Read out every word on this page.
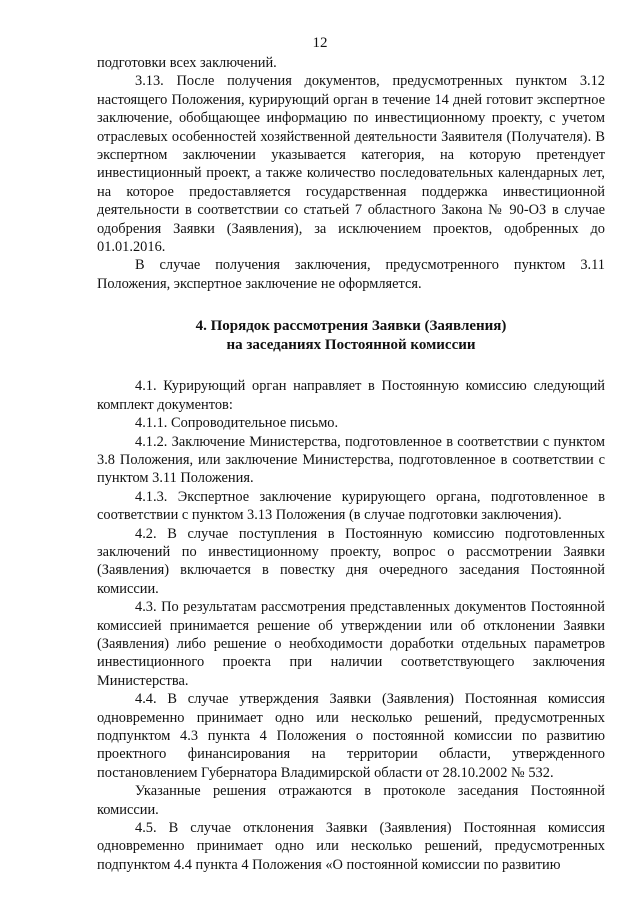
12

подготовки всех заключений.

3.13. После получения документов, предусмотренных пунктом 3.12 настоящего Положения, курирующий орган в течение 14 дней готовит экспертное заключение, обобщающее информацию по инвестиционному проекту, с учетом отраслевых особенностей хозяйственной деятельности Заявителя (Получателя). В экспертном заключении указывается категория, на которую претендует инвестиционный проект, а также количество последовательных календарных лет, на которое предоставляется государственная поддержка инвестиционной деятельности в соответствии со статьей 7 областного Закона № 90-ОЗ в случае одобрения Заявки (Заявления), за исключением проектов, одобренных до 01.01.2016.

В случае получения заключения, предусмотренного пунктом 3.11 Положения, экспертное заключение не оформляется.

4. Порядок рассмотрения Заявки (Заявления)

на заседаниях Постоянной комиссии

4.1. Курирующий орган направляет в Постоянную комиссию следующий комплект документов:

4.1.1. Сопроводительное письмо.

4.1.2. Заключение Министерства, подготовленное в соответствии с пунктом 3.8 Положения, или заключение Министерства, подготовленное в соответствии с пунктом 3.11 Положения.

4.1.3. Экспертное заключение курирующего органа, подготовленное в соответствии с пунктом 3.13 Положения (в случае подготовки заключения).

4.2. В случае поступления в Постоянную комиссию подготовленных заключений по инвестиционному проекту, вопрос о рассмотрении Заявки (Заявления) включается в повестку дня очередного заседания Постоянной комиссии.

4.3. По результатам рассмотрения представленных документов Постоянной комиссией принимается решение об утверждении или об отклонении Заявки (Заявления) либо решение о необходимости доработки отдельных параметров инвестиционного проекта при наличии соответствующего заключения Министерства.

4.4. В случае утверждения Заявки (Заявления) Постоянная комиссия одновременно принимает одно или несколько решений, предусмотренных подпунктом 4.3 пункта 4 Положения о постоянной комиссии по развитию проектного финансирования на территории области, утвержденного постановлением Губернатора Владимирской области от 28.10.2002 № 532.

Указанные решения отражаются в протоколе заседания Постоянной комиссии.

4.5. В случае отклонения Заявки (Заявления) Постоянная комиссия одновременно принимает одно или несколько решений, предусмотренных подпунктом 4.4 пункта 4 Положения «О постоянной комиссии по развитию
